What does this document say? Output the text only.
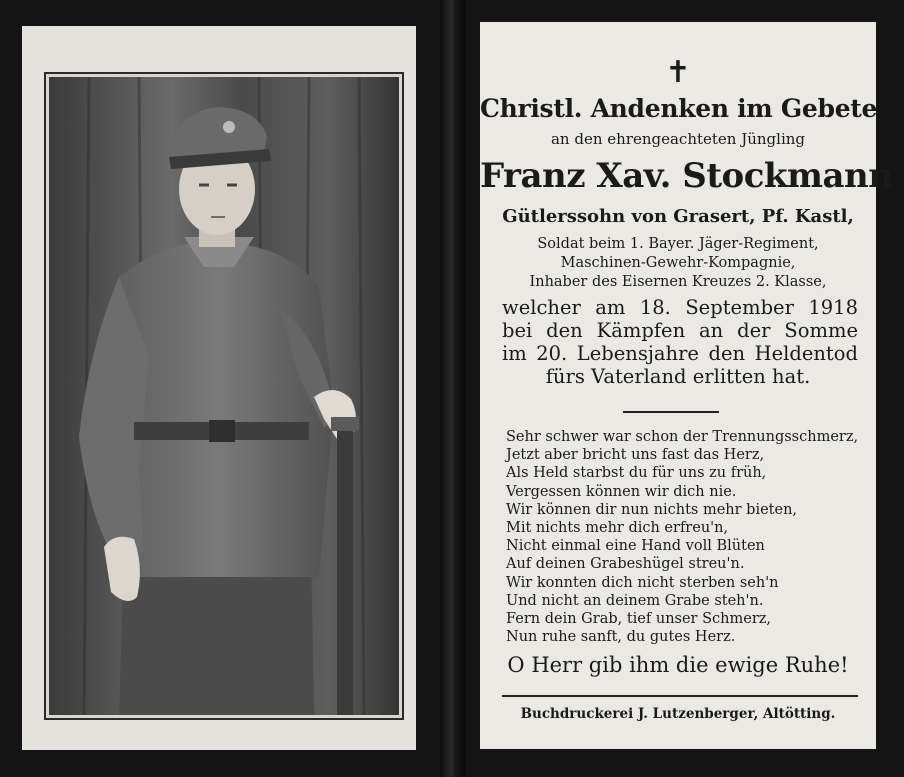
✝
Christl. Andenken im Gebete
an den ehrengeachteten Jüngling
Franz Xav. Stockmann
Gütlerssohn von Grasert, Pf. Kastl,
Soldat beim 1. Bayer. Jäger-Regiment,
Maschinen-Gewehr-Kompagnie,
Inhaber des Eisernen Kreuzes 2. Klasse,
welcher am 18. September 1918
bei den Kämpfen an der Somme
im 20. Lebensjahre den Heldentod
fürs Vaterland erlitten hat.
Sehr schwer war schon der Trennungsschmerz,
Jetzt aber bricht uns fast das Herz,
Als Held starbst du für uns zu früh,
Vergessen können wir dich nie.
Wir können dir nun nichts mehr bieten,
Mit nichts mehr dich erfreu'n,
Nicht einmal eine Hand voll Blüten
Auf deinen Grabeshügel streu'n.
Wir konnten dich nicht sterben seh'n
Und nicht an deinem Grabe steh'n.
Fern dein Grab, tief unser Schmerz,
Nun ruhe sanft, du gutes Herz.
O Herr gib ihm die ewige Ruhe!
Buchdruckerei J. Lutzenberger, Altötting.
